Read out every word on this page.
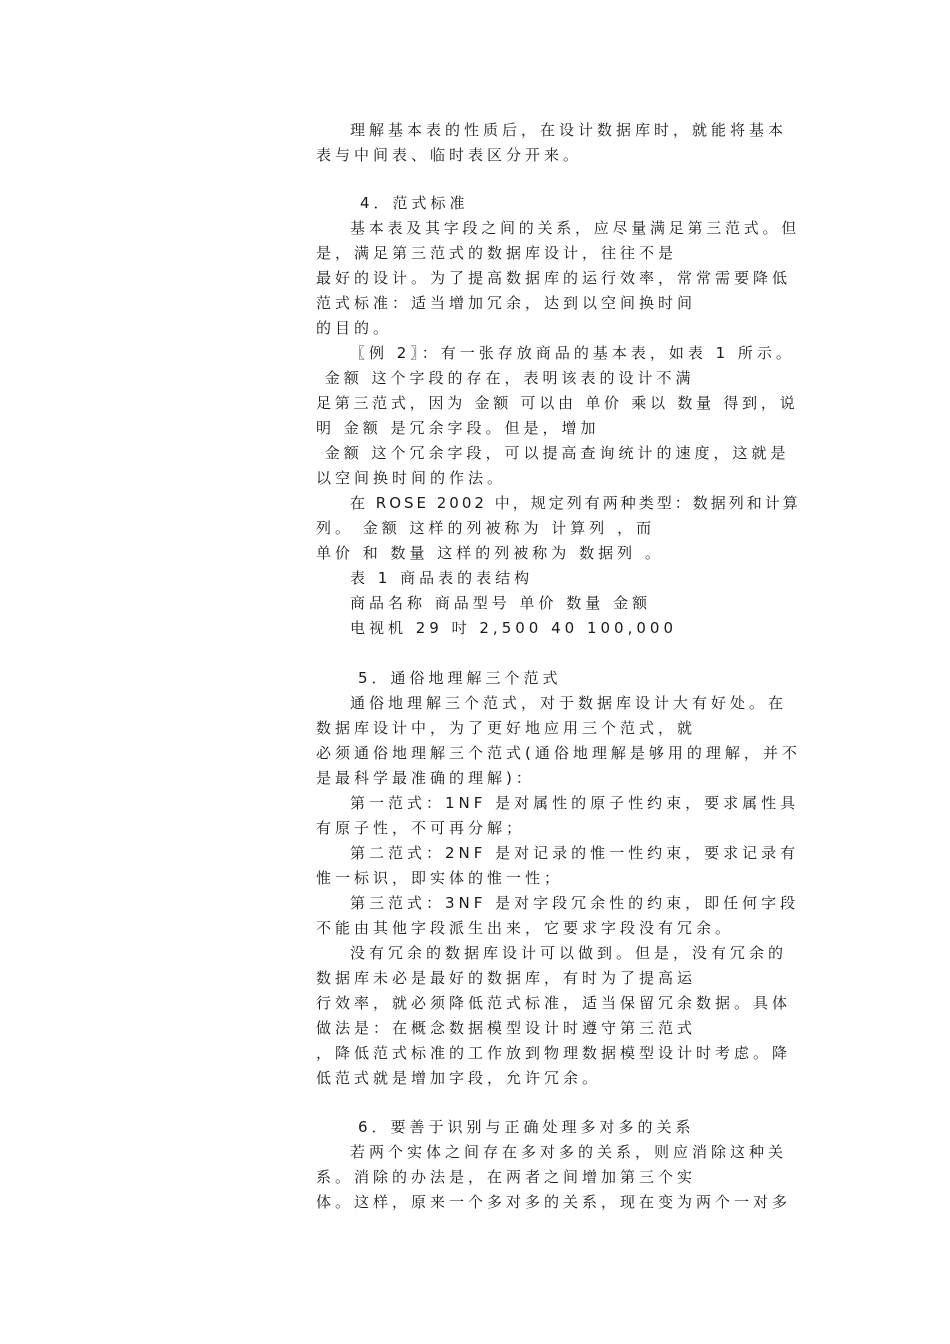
理解基本表的性质后，在设计数据库时，就能将基本
表与中间表、临时表区分开来。
4．范式标准
基本表及其字段之间的关系，应尽量满足第三范式。但
是，满足第三范式的数据库设计，往往不是
最好的设计。为了提高数据库的运行效率，常常需要降低
范式标准：适当增加冗余，达到以空间换时间
的目的。
〖例 2〗：有一张存放商品的基本表，如表 1 所示。
金额 这个字段的存在，表明该表的设计不满
足第三范式，因为 金额 可以由 单价 乘以 数量 得到，说
明 金额 是冗余字段。但是，增加
金额 这个冗余字段，可以提高查询统计的速度，这就是
以空间换时间的作法。
在 ROSE 2002 中，规定列有两种类型：数据列和计算
列。 金额 这样的列被称为 计算列 ，而
单价 和 数量 这样的列被称为 数据列 。
表 1 商品表的表结构
商品名称 商品型号 单价 数量 金额
电视机 29 吋 2,500 40 100,000
5．通俗地理解三个范式
通俗地理解三个范式，对于数据库设计大有好处。在
数据库设计中，为了更好地应用三个范式，就
必须通俗地理解三个范式(通俗地理解是够用的理解，并不
是最科学最准确的理解)：
第一范式：1NF 是对属性的原子性约束，要求属性具
有原子性，不可再分解；
第二范式：2NF 是对记录的惟一性约束，要求记录有
惟一标识，即实体的惟一性；
第三范式：3NF 是对字段冗余性的约束，即任何字段
不能由其他字段派生出来，它要求字段没有冗余。
没有冗余的数据库设计可以做到。但是，没有冗余的
数据库未必是最好的数据库，有时为了提高运
行效率，就必须降低范式标准，适当保留冗余数据。具体
做法是：在概念数据模型设计时遵守第三范式
，降低范式标准的工作放到物理数据模型设计时考虑。降
低范式就是增加字段，允许冗余。
6．要善于识别与正确处理多对多的关系
若两个实体之间存在多对多的关系，则应消除这种关
系。消除的办法是，在两者之间增加第三个实
体。这样，原来一个多对多的关系，现在变为两个一对多
